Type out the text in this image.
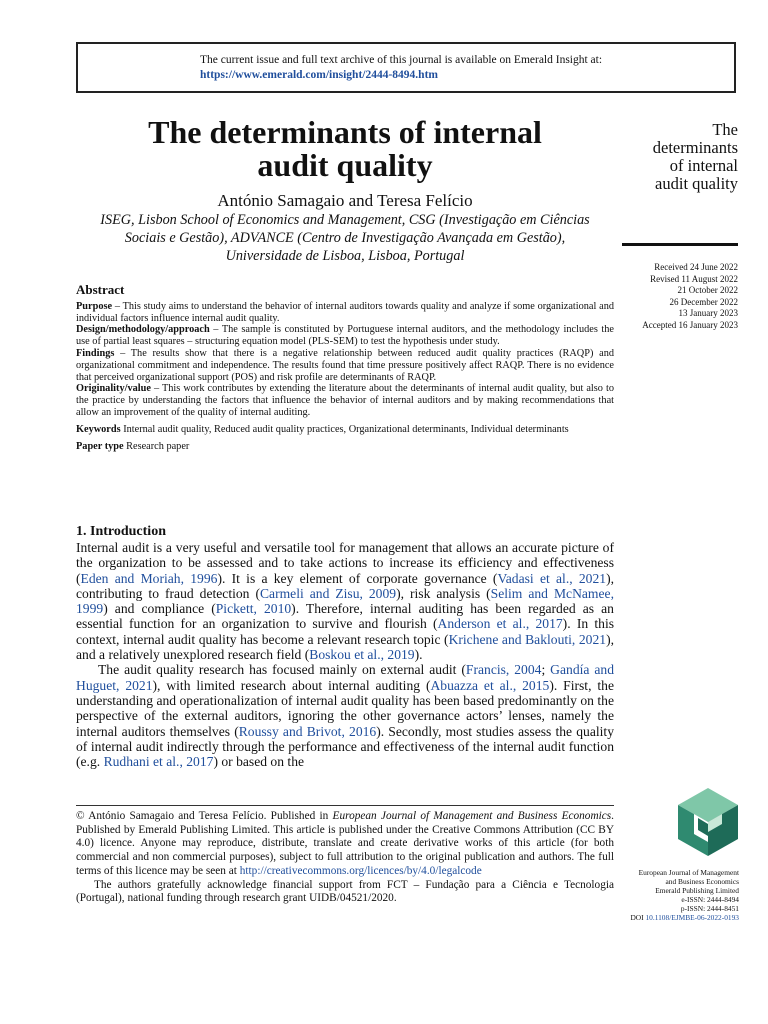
The current issue and full text archive of this journal is available on Emerald Insight at:
https://www.emerald.com/insight/2444-8494.htm
The determinants of internal
audit quality
António Samagaio and Teresa Felício
ISEG, Lisbon School of Economics and Management, CSG (Investigação em Ciências
Sociais e Gestão), ADVANCE (Centro de Investigação Avançada em Gestão),
Universidade de Lisboa, Lisboa, Portugal
The
determinants
of internal
audit quality
Received 24 June 2022
Revised 11 August 2022
21 October 2022
26 December 2022
13 January 2023
Accepted 16 January 2023
Abstract

Purpose – This study aims to understand the behavior of internal auditors towards quality and analyze if some organizational and individual factors influence internal audit quality.

Design/methodology/approach – The sample is constituted by Portuguese internal auditors, and the methodology includes the use of partial least squares – structuring equation model (PLS-SEM) to test the hypothesis under study.

Findings – The results show that there is a negative relationship between reduced audit quality practices (RAQP) and organizational commitment and independence. The results found that time pressure positively affect RAQP. There is no evidence that perceived organizational support (POS) and risk profile are determinants of RAQP.

Originality/value – This work contributes by extending the literature about the determinants of internal audit quality, but also to the practice by understanding the factors that influence the behavior of internal auditors and by making recommendations that allow an improvement of the quality of internal auditing.

Keywords Internal audit quality, Reduced audit quality practices, Organizational determinants, Individual determinants

Paper type Research paper

1. Introduction

Internal audit is a very useful and versatile tool for management that allows an accurate picture of the organization to be assessed and to take actions to increase its efficiency and effectiveness (Eden and Moriah, 1996). It is a key element of corporate governance (Vadasi et al., 2021), contributing to fraud detection (Carmeli and Zisu, 2009), risk analysis (Selim and McNamee, 1999) and compliance (Pickett, 2010). Therefore, internal auditing has been regarded as an essential function for an organization to survive and flourish (Anderson et al., 2017). In this context, internal audit quality has become a relevant research topic (Krichene and Baklouti, 2021), and a relatively unexplored research field (Boskou et al., 2019).

The audit quality research has focused mainly on external audit (Francis, 2004; Gandía and Huguet, 2021), with limited research about internal auditing (Abuazza et al., 2015). First, the understanding and operationalization of internal audit quality has been based predominantly on the perspective of the external auditors, ignoring the other governance actors’ lenses, namely the internal auditors themselves (Roussy and Brivot, 2016). Secondly, most studies assess the quality of internal audit indirectly through the performance and effectiveness of the internal audit function (e.g. Rudhani et al., 2017) or based on the

© António Samagaio and Teresa Felício. Published in European Journal of Management and Business Economics. Published by Emerald Publishing Limited. This article is published under the Creative Commons Attribution (CC BY 4.0) licence. Anyone may reproduce, distribute, translate and create derivative works of this article (for both commercial and non commercial purposes), subject to full attribution to the original publication and authors. The full terms of this licence may be seen at http://creativecommons.org/licences/by/4.0/legalcode

The authors gratefully acknowledge financial support from FCT – Fundação para a Ciência e Tecnologia (Portugal), national funding through research grant UIDB/04521/2020.

European Journal of Management
and Business Economics
Emerald Publishing Limited
e-ISSN: 2444-8494
p-ISSN: 2444-8451
DOI 10.1108/EJMBE-06-2022-0193
